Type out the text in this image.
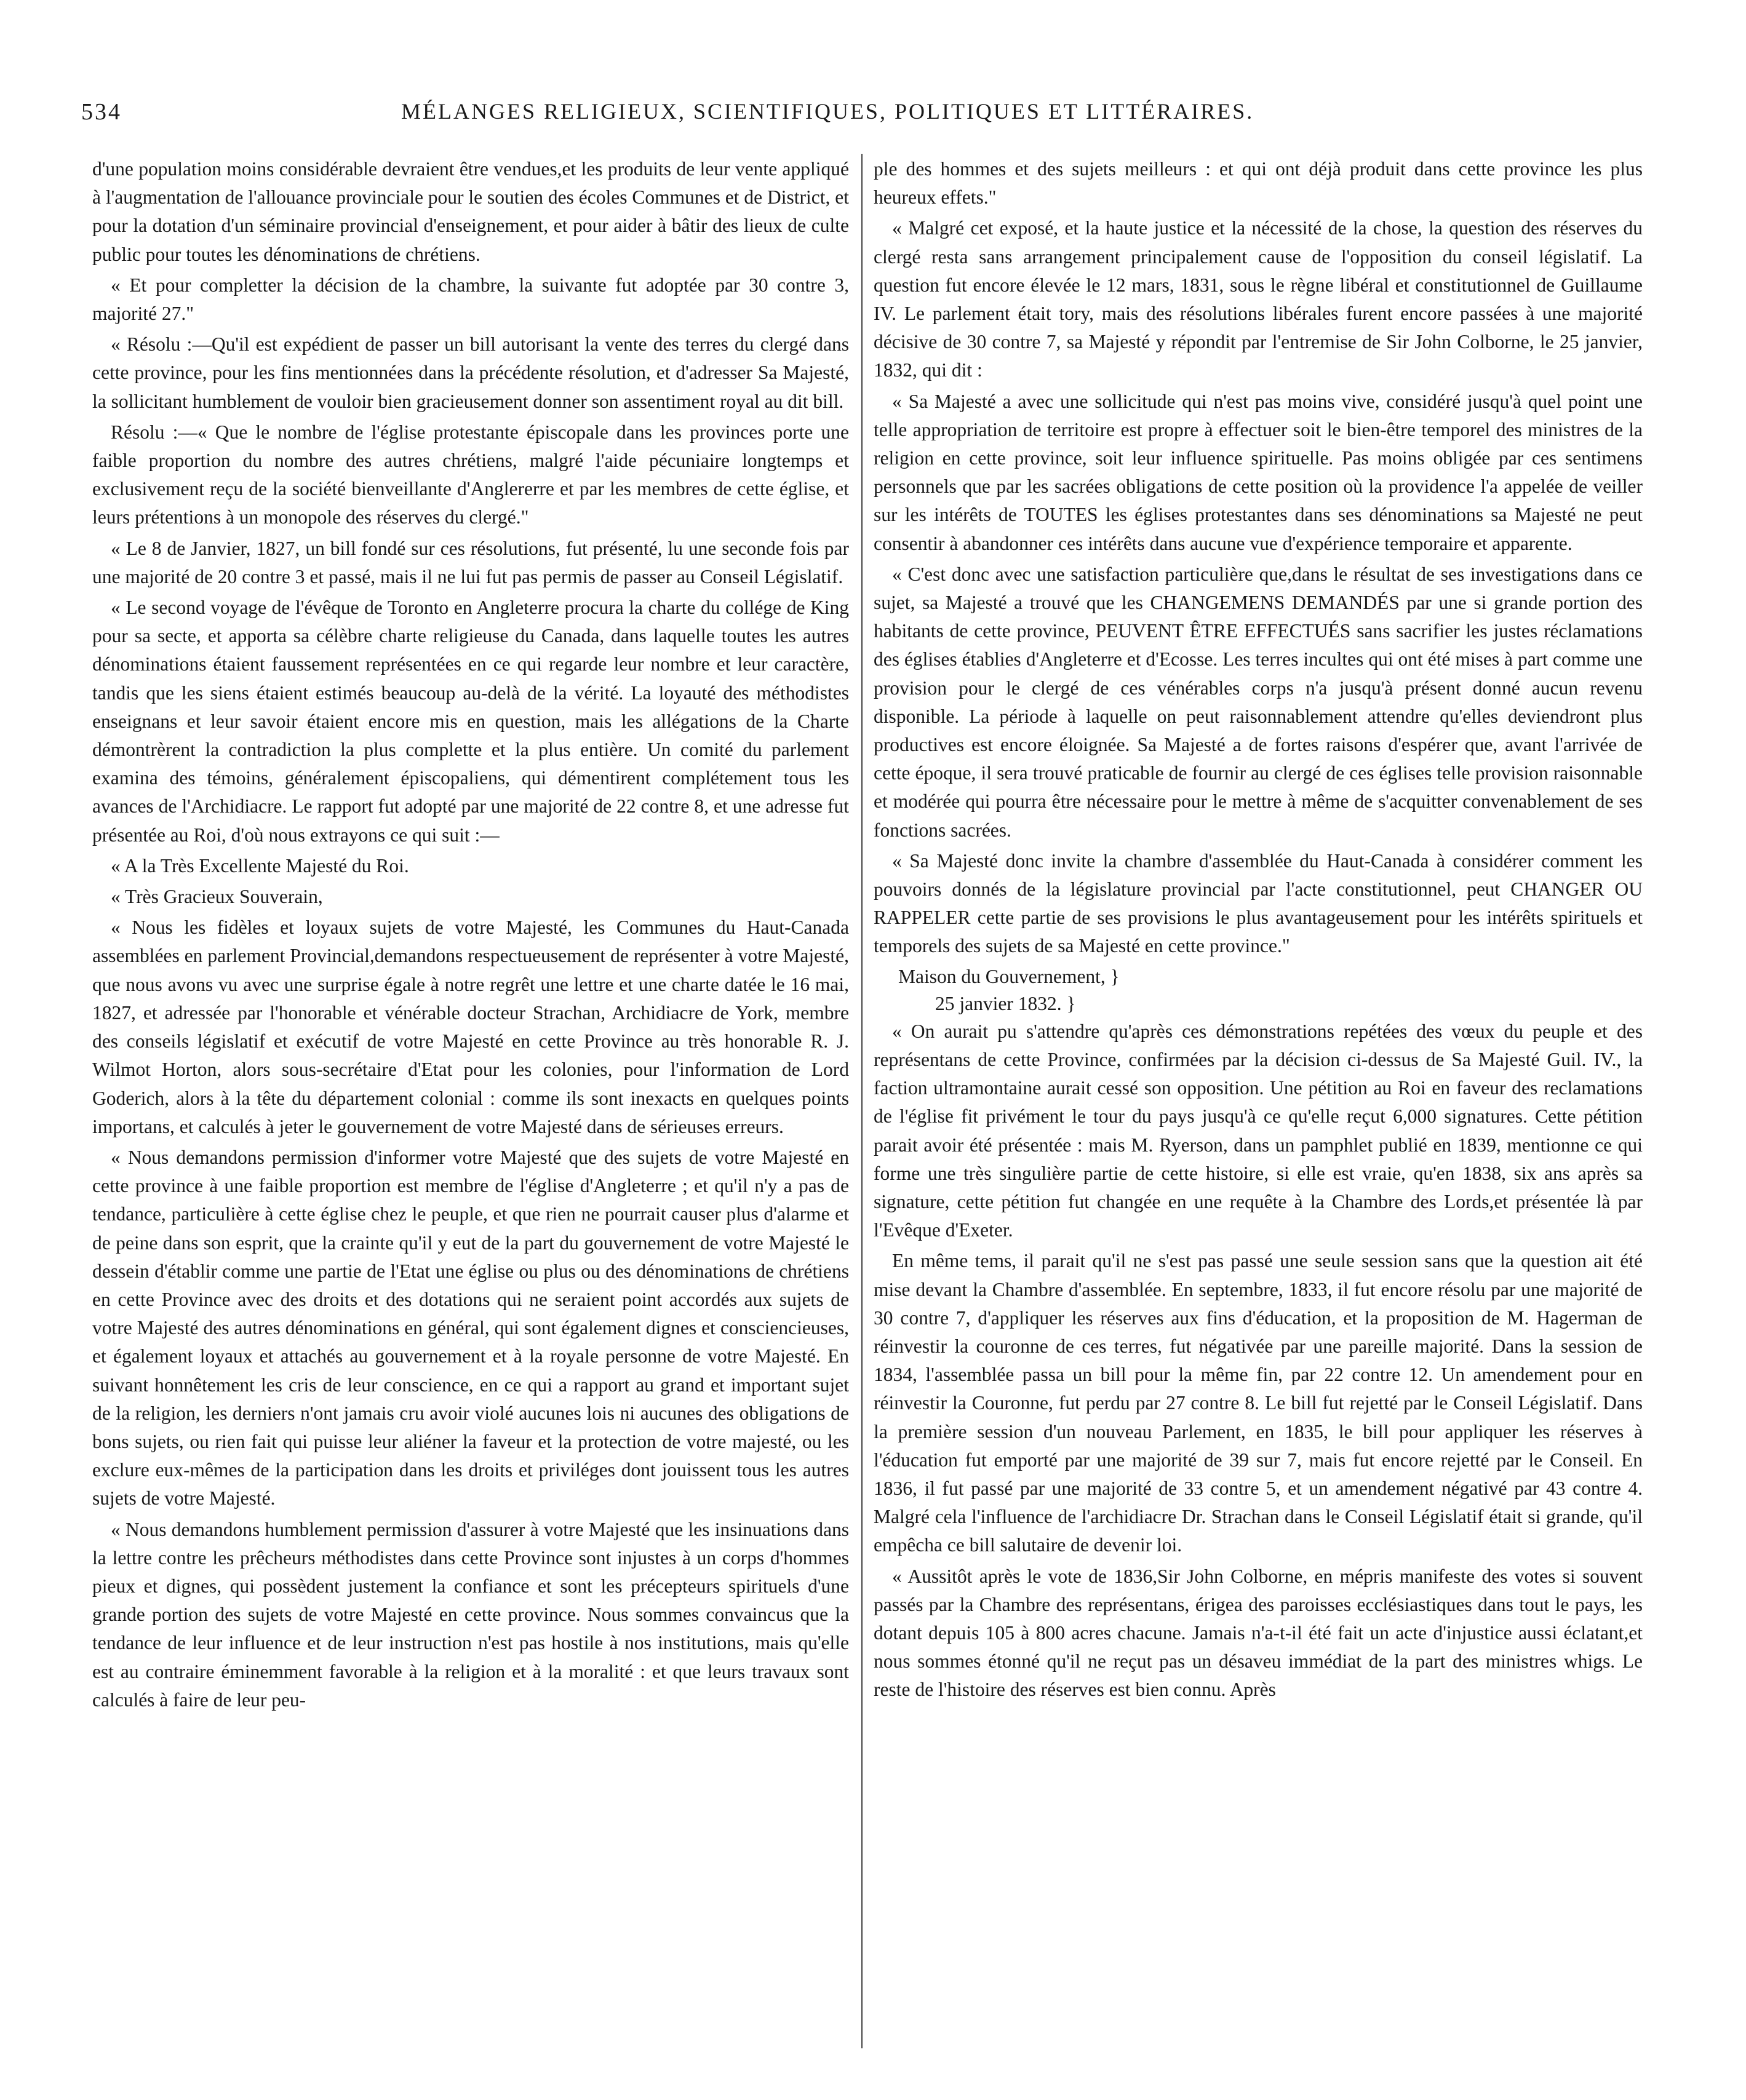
534	MÉLANGES RELIGIEUX, SCIENTIFIQUES, POLITIQUES ET LITTÉRAIRES.

d'une population moins considérable devraient être vendues,et les produits de leur vente appliqué à l'augmentation de l'allouance provinciale pour le soutien des écoles Communes et de District, et pour la dotation d'un séminaire provincial d'enseignement, et pour aider à bâtir des lieux de culte public pour toutes les dénominations de chrétiens.

« Et pour completter la décision de la chambre, la suivante fut adoptée par 30 contre 3, majorité 27."

« Résolu :—Qu'il est expédient de passer un bill autorisant la vente des terres du clergé dans cette province, pour les fins mentionnées dans la précédente résolution, et d'adresser Sa Majesté, la sollicitant humblement de vouloir bien gracieusement donner son assentiment royal au dit bill.

Résolu :—« Que le nombre de l'église protestante épiscopale dans les provinces porte une faible proportion du nombre des autres chrétiens, malgré l'aide pécuniaire longtemps et exclusivement reçu de la société bienveillante d'Anglererre et par les membres de cette église, et leurs prétentions à un monopole des réserves du clergé."

« Le 8 de Janvier, 1827, un bill fondé sur ces résolutions, fut présenté, lu une seconde fois par une majorité de 20 contre 3 et passé, mais il ne lui fut pas permis de passer au Conseil Législatif.

« Le second voyage de l'évêque de Toronto en Angleterre procura la charte du collége de King pour sa secte, et apporta sa célèbre charte religieuse du Canada, dans laquelle toutes les autres dénominations étaient faussement représentées en ce qui regarde leur nombre et leur caractère, tandis que les siens étaient estimés beaucoup au-delà de la vérité. La loyauté des méthodistes enseignans et leur savoir étaient encore mis en question, mais les allégations de la Charte démontrèrent la contradiction la plus complette et la plus entière. Un comité du parlement examina des témoins, généralement épiscopaliens, qui démentirent complétement tous les avances de l'Archidiacre. Le rapport fut adopté par une majorité de 22 contre 8, et une adresse fut présentée au Roi, d'où nous extrayons ce qui suit :—

« A la Très Excellente Majesté du Roi.

« Très Gracieux Souverain,

« Nous les fidèles et loyaux sujets de votre Majesté, les Communes du Haut-Canada assemblées en parlement Provincial,demandons respectueusement de représenter à votre Majesté, que nous avons vu avec une surprise égale à notre regrêt une lettre et une charte datée le 16 mai, 1827, et adressée par l'honorable et vénérable docteur Strachan, Archidiacre de York, membre des conseils législatif et exécutif de votre Majesté en cette Province au très honorable R. J. Wilmot Horton, alors sous-secrétaire d'Etat pour les colonies, pour l'information de Lord Goderich, alors à la tête du département colonial : comme ils sont inexacts en quelques points importans, et calculés à jeter le gouvernement de votre Majesté dans de sérieuses erreurs.

« Nous demandons permission d'informer votre Majesté que des sujets de votre Majesté en cette province à une faible proportion est membre de l'église d'Angleterre ; et qu'il n'y a pas de tendance, particulière à cette église chez le peuple, et que rien ne pourrait causer plus d'alarme et de peine dans son esprit, que la crainte qu'il y eut de la part du gouvernement de votre Majesté le dessein d'établir comme une partie de l'Etat une église ou plus ou des dénominations de chrétiens en cette Province avec des droits et des dotations qui ne seraient point accordés aux sujets de votre Majesté des autres dénominations en général, qui sont également dignes et consciencieuses, et également loyaux et attachés au gouvernement et à la royale personne de votre Majesté. En suivant honnêtement les cris de leur conscience, en ce qui a rapport au grand et important sujet de la religion, les derniers n'ont jamais cru avoir violé aucunes lois ni aucunes des obligations de bons sujets, ou rien fait qui puisse leur aliéner la faveur et la protection de votre majesté, ou les exclure eux-mêmes de la participation dans les droits et priviléges dont jouissent tous les autres sujets de votre Majesté.

« Nous demandons humblement permission d'assurer à votre Majesté que les insinuations dans la lettre contre les prêcheurs méthodistes dans cette Province sont injustes à un corps d'hommes pieux et dignes, qui possèdent justement la confiance et sont les précepteurs spirituels d'une grande portion des sujets de votre Majesté en cette province. Nous sommes convaincus que la tendance de leur influence et de leur instruction n'est pas hostile à nos institutions, mais qu'elle est au contraire éminemment favorable à la religion et à la moralité : et que leurs travaux sont calculés à faire de leur peu-

ple des hommes et des sujets meilleurs : et qui ont déjà produit dans cette province les plus heureux effets."

« Malgré cet exposé, et la haute justice et la nécessité de la chose, la question des réserves du clergé resta sans arrangement principalement cause de l'opposition du conseil législatif. La question fut encore élevée le 12 mars, 1831, sous le règne libéral et constitutionnel de Guillaume IV. Le parlement était tory, mais des résolutions libérales furent encore passées à une majorité décisive de 30 contre 7, sa Majesté y répondit par l'entremise de Sir John Colborne, le 25 janvier, 1832, qui dit :

« Sa Majesté a avec une sollicitude qui n'est pas moins vive, considéré jusqu'à quel point une telle appropriation de territoire est propre à effectuer soit le bien-être temporel des ministres de la religion en cette province, soit leur influence spirituelle. Pas moins obligée par ces sentimens personnels que par les sacrées obligations de cette position où la providence l'a appelée de veiller sur les intérêts de TOUTES les églises protestantes dans ses dénominations sa Majesté ne peut consentir à abandonner ces intérêts dans aucune vue d'expérience temporaire et apparente.

« C'est donc avec une satisfaction particulière que,dans le résultat de ses investigations dans ce sujet, sa Majesté a trouvé que les CHANGEMENS DEMANDÉS par une si grande portion des habitants de cette province, PEUVENT ÊTRE EFFECTUÉS sans sacrifier les justes réclamations des églises établies d'Angleterre et d'Ecosse. Les terres incultes qui ont été mises à part comme une provision pour le clergé de ces vénérables corps n'a jusqu'à présent donné aucun revenu disponible. La période à laquelle on peut raisonnablement attendre qu'elles deviendront plus productives est encore éloignée. Sa Majesté a de fortes raisons d'espérer que, avant l'arrivée de cette époque, il sera trouvé praticable de fournir au clergé de ces églises telle provision raisonnable et modérée qui pourra être nécessaire pour le mettre à même de s'acquitter convenablement de ses fonctions sacrées.

« Sa Majesté donc invite la chambre d'assemblée du Haut-Canada à considérer comment les pouvoirs donnés de la législature provincial par l'acte constitutionnel, peut CHANGER OU RAPPELER cette partie de ses provisions le plus avantageusement pour les intérêts spirituels et temporels des sujets de sa Majesté en cette province."

Maison du Gouvernement, }
25 janvier 1832. }

« On aurait pu s'attendre qu'après ces démonstrations repétées des vœux du peuple et des représentans de cette Province, confirmées par la décision ci-dessus de Sa Majesté Guil. IV., la faction ultramontaine aurait cessé son opposition. Une pétition au Roi en faveur des reclamations de l'église fit privément le tour du pays jusqu'à ce qu'elle reçut 6,000 signatures. Cette pétition parait avoir été présentée : mais M. Ryerson, dans un pamphlet publié en 1839, mentionne ce qui forme une très singulière partie de cette histoire, si elle est vraie, qu'en 1838, six ans après sa signature, cette pétition fut changée en une requête à la Chambre des Lords,et présentée là par l'Evêque d'Exeter.

En même tems, il parait qu'il ne s'est pas passé une seule session sans que la question ait été mise devant la Chambre d'assemblée. En septembre, 1833, il fut encore résolu par une majorité de 30 contre 7, d'appliquer les réserves aux fins d'éducation, et la proposition de M. Hagerman de réinvestir la couronne de ces terres, fut négativée par une pareille majorité. Dans la session de 1834, l'assemblée passa un bill pour la même fin, par 22 contre 12. Un amendement pour en réinvestir la Couronne, fut perdu par 27 contre 8. Le bill fut rejetté par le Conseil Législatif. Dans la première session d'un nouveau Parlement, en 1835, le bill pour appliquer les réserves à l'éducation fut emporté par une majorité de 39 sur 7, mais fut encore rejetté par le Conseil. En 1836, il fut passé par une majorité de 33 contre 5, et un amendement négativé par 43 contre 4. Malgré cela l'influence de l'archidiacre Dr. Strachan dans le Conseil Législatif était si grande, qu'il empêcha ce bill salutaire de devenir loi.

« Aussitôt après le vote de 1836,Sir John Colborne, en mépris manifeste des votes si souvent passés par la Chambre des représentans, érigea des paroisses ecclésiastiques dans tout le pays, les dotant depuis 105 à 800 acres chacune. Jamais n'a-t-il été fait un acte d'injustice aussi éclatant,et nous sommes étonné qu'il ne reçut pas un désaveu immédiat de la part des ministres whigs. Le reste de l'histoire des réserves est bien connu. Après
